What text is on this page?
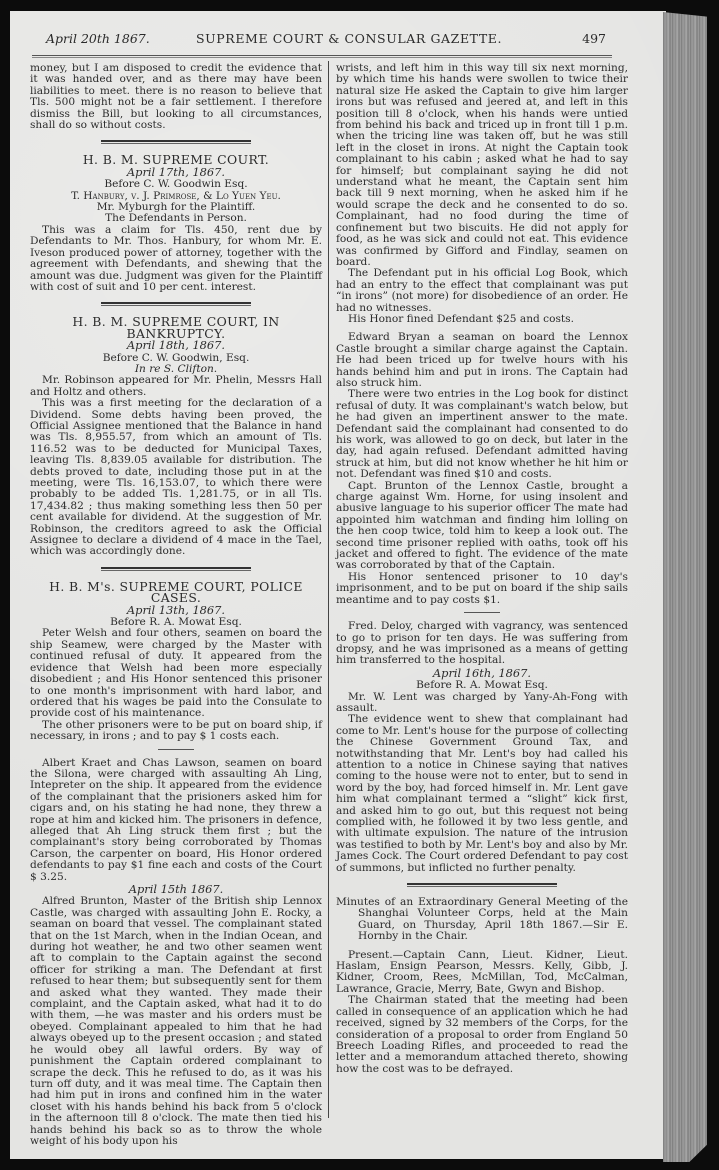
April 20th 1867.	SUPREME COURT & CONSULAR GAZETTE.	497

money, but I am disposed to credit the evidence that it was handed over, and as there may have been liabilities to meet. there is no reason to believe that Tls. 500 might not be a fair settlement. I therefore dismiss the Bill, but looking to all circumstances, shall do so without costs.

H. B. M. SUPREME COURT.
April 17th, 1867.
Before C. W. Goodwin Esq.
T. Hanbury, v. J. Primrose, & Lo Yuen Yeu.
Mr. Myburgh for the Plaintiff.
The Defendants in Person.

This was a claim for Tls. 450, rent due by Defendants to Mr. Thos. Hanbury, for whom Mr. E. Iveson produced power of attorney, together with the agreement with Defendants, and shewing that the amount was due. Judgment was given for the Plaintiff with cost of suit and 10 per cent. interest.

H. B. M. SUPREME COURT, IN BANKRUPTCY.
April 18th, 1867.
Before C. W. Goodwin, Esq.
In re S. Clifton.

Mr. Robinson appeared for Mr. Phelin, Messrs Hall and Holtz and others.

This was a first meeting for the declaration of a Dividend. Some debts having been proved, the Official Assignee mentioned that the Balance in hand was Tls. 8,955.57, from which an amount of Tls. 116.52 was to be deducted for Municipal Taxes, leaving Tls. 8,839.05 available for distribution. The debts proved to date, including those put in at the meeting, were Tls. 16,153.07, to which there were probably to be added Tls. 1,281.75, or in all Tls. 17,434.82 ; thus making something less then 50 per cent available for dividend. At the suggestion of Mr. Robinson, the creditors agreed to ask the Official Assignee to declare a dividend of 4 mace in the Tael, which was accordingly done.

H. B. M's. SUPREME COURT, POLICE CASES.
April 13th, 1867.
Before R. A. Mowat Esq.

Peter Welsh and four others, seamen on board the ship Seamew, were charged by the Master with continued refusal of duty. It appeared from the evidence that Welsh had been more especially disobedient ; and His Honor sentenced this prisoner to one month's imprisonment with hard labor, and ordered that his wages be paid into the Consulate to provide cost of his maintenance.

The other prisoners were to be put on board ship, if necessary, in irons ; and to pay $ 1 costs each.

Albert Kraet and Chas Lawson, seamen on board the Silona, were charged with assaulting Ah Ling, Intepreter on the ship. It appeared from the evidence of the complainant that the prisioners asked him for cigars and, on his stating he had none, they threw a rope at him and kicked him. The prisoners in defence, alleged that Ah Ling struck them first ; but the complainant's story being corroborated by Thomas Carson, the carpenter on board, His Honor ordered defendants to pay $1 fine each and costs of the Court $ 3.25.

April 15th 1867.

Alfred Brunton, Master of the British ship Lennox Castle, was charged with assaulting John E. Rocky, a seaman on board that vessel. The complainant stated that on the 1st March, when in the Indian Ocean, and during hot weather, he and two other seamen went aft to complain to the Captain against the second officer for striking a man. The Defendant at first refused to hear them; but subsequently sent for them and asked what they wanted. They made their complaint, and the Captain asked, what had it to do with them, —he was master and his orders must be obeyed. Complainant appealed to him that he had always obeyed up to the present occasion ; and stated he would obey all lawful orders. By way of punishment the Captain ordered complainant to scrape the deck. This he refused to do, as it was his turn off duty, and it was meal time. The Captain then had him put in irons and confined him in the water closet with his hands behind his back from 5 o'clock in the afternoon till 8 o'clock. The mate then tied his hands behind his back so as to throw the whole weight of his body upon his

wrists, and left him in this way till six next morning, by which time his hands were swollen to twice their natural size He asked the Captain to give him larger irons but was refused and jeered at, and left in this position till 8 o'clock, when his hands were untied from behind his back and triced up in front till 1 p.m. when the tricing line was taken off, but he was still left in the closet in irons. At night the Captain took complainant to his cabin ; asked what he had to say for himself; but complainant saying he did not understand what he meant, the Captain sent him back till 9 next morning, when he asked him if he would scrape the deck and he consented to do so. Complainant, had no food during the time of confinement but two biscuits. He did not apply for food, as he was sick and could not eat. This evidence was confirmed by Gifford and Findlay, seamen on board.

The Defendant put in his official Log Book, which had an entry to the effect that complainant was put “in irons” (not more) for disobedience of an order. He had no witnesses.

His Honor fined Defendant $25 and costs.

Edward Bryan a seaman on board the Lennox Castle brought a similar charge against the Captain. He had been triced up for twelve hours with his hands behind him and put in irons. The Captain had also struck him.

There were two entries in the Log book for distinct refusal of duty. It was complainant's watch below, but he had given an impertinent answer to the mate. Defendant said the complainant had consented to do his work, was allowed to go on deck, but later in the day, had again refused. Defendant admitted having struck at him, but did not know whether he hit him or not. Defendant was fined $10 and costs.

Capt. Brunton of the Lennox Castle, brought a charge against Wm. Horne, for using insolent and abusive language to his superior officer The mate had appointed him watchman and finding him lolling on the hen coop twice, told him to keep a look out. The second time prisoner replied with oaths, took off his jacket and offered to fight. The evidence of the mate was corroborated by that of the Captain.

His Honor sentenced prisoner to 10 day's imprisonment, and to be put on board if the ship sails meantime and to pay costs $1.

Fred. Deloy, charged with vagrancy, was sentenced to go to prison for ten days. He was suffering from dropsy, and he was imprisoned as a means of getting him transferred to the hospital.

April 16th, 1867.
Before R. A. Mowat Esq.

Mr. W. Lent was charged by Yany-Ah-Fong with assault.

The evidence went to shew that complainant had come to Mr. Lent's house for the purpose of collecting the Chinese Government Ground Tax, and notwithstanding that Mr. Lent's boy had called his attention to a notice in Chinese saying that natives coming to the house were not to enter, but to send in word by the boy, had forced himself in. Mr. Lent gave him what complainant termed a “slight” kick first, and asked him to go out, but this request not being complied with, he followed it by two less gentle, and with ultimate expulsion. The nature of the intrusion was testified to both by Mr. Lent's boy and also by Mr. James Cock. The Court ordered Defendant to pay cost of summons, but inflicted no further penalty.

Minutes of an Extraordinary General Meeting of the Shanghai Volunteer Corps, held at the Main Guard, on Thursday, April 18th 1867.—Sir E. Hornby in the Chair.

Present.—Captain Cann, Lieut. Kidner, Lieut. Haslam, Ensign Pearson, Messrs. Kelly, Gibb, J. Kidner, Croom, Rees, McMillan, Tod, McCalman, Lawrance, Gracie, Merry, Bate, Gwyn and Bishop.

The Chairman stated that the meeting had been called in consequence of an application which he had received, signed by 32 members of the Corps, for the consideration of a proposal to order from England 50 Breech Loading Rifles, and proceeded to read the letter and a memorandum attached thereto, showing how the cost was to be defrayed.
